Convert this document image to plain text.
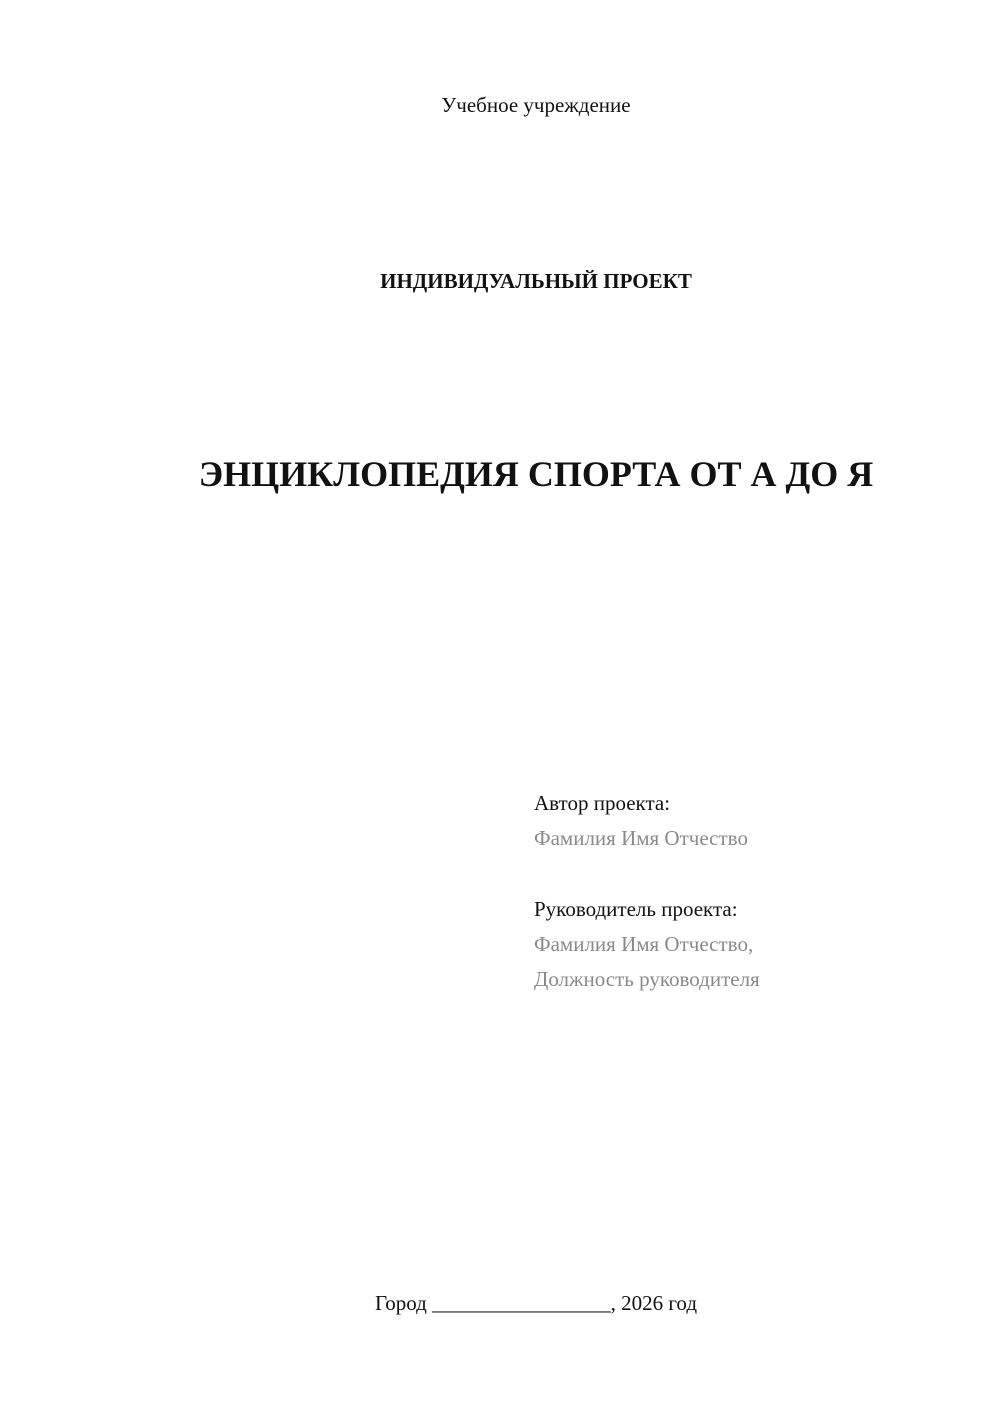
Учебное учреждение
ИНДИВИДУАЛЬНЫЙ ПРОЕКТ
ЭНЦИКЛОПЕДИЯ СПОРТА ОТ А ДО Я
Автор проекта:
Фамилия Имя Отчество
Руководитель проекта:
Фамилия Имя Отчество,
Должность руководителя
Город _________________, 2026 год
